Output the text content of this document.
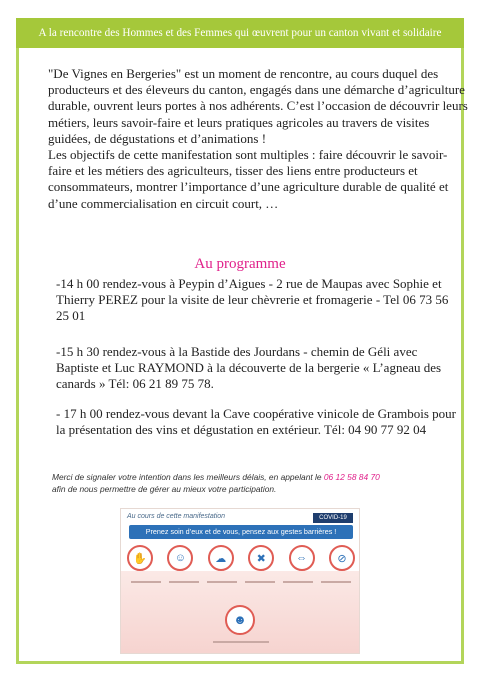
A la rencontre des Hommes et des Femmes qui œuvrent pour un canton vivant et solidaire
"De Vignes en Bergeries" est un moment de rencontre, au cours duquel des producteurs et des éleveurs du canton, engagés dans une démarche d’agriculture durable, ouvrent leurs portes à nos adhérents. C’est l’occasion de découvrir leurs métiers, leurs savoir-faire et leurs pratiques agricoles au travers de visites guidées, de dégustations et d’animations !
Les objectifs de cette manifestation sont multiples : faire découvrir le savoir-faire et les métiers des agriculteurs, tisser des liens entre producteurs et consommateurs, montrer l’importance d’une agriculture durable de qualité et d’une commercialisation en circuit court, …
Au programme
-14 h 00 rendez-vous à Peypin d’Aigues - 2 rue de Maupas avec Sophie et Thierry PEREZ pour la visite de leur chèvrerie et fromagerie - Tel 06 73 56 25 01
-15 h 30 rendez-vous à la Bastide des Jourdans - chemin de Géli avec Baptiste et Luc RAYMOND à la découverte de la bergerie « L’agneau des canards » Tél: 06 21 89 75 78.
- 17 h 00 rendez-vous devant la Cave coopérative vinicole de Grambois pour la présentation des vins et dégustation en extérieur. Tél: 04 90 77 92 04
Merci de signaler votre intention dans les meilleurs délais, en appelant le 06 12 58 84 70
afin de nous permettre de gérer au mieux votre participation.
Au cours de cette manifestation	COVID-19
Prenez soin d’eux et de vous, pensez aux gestes barrières !
✋	☺	☁	✖	⇔	⊘
☻
